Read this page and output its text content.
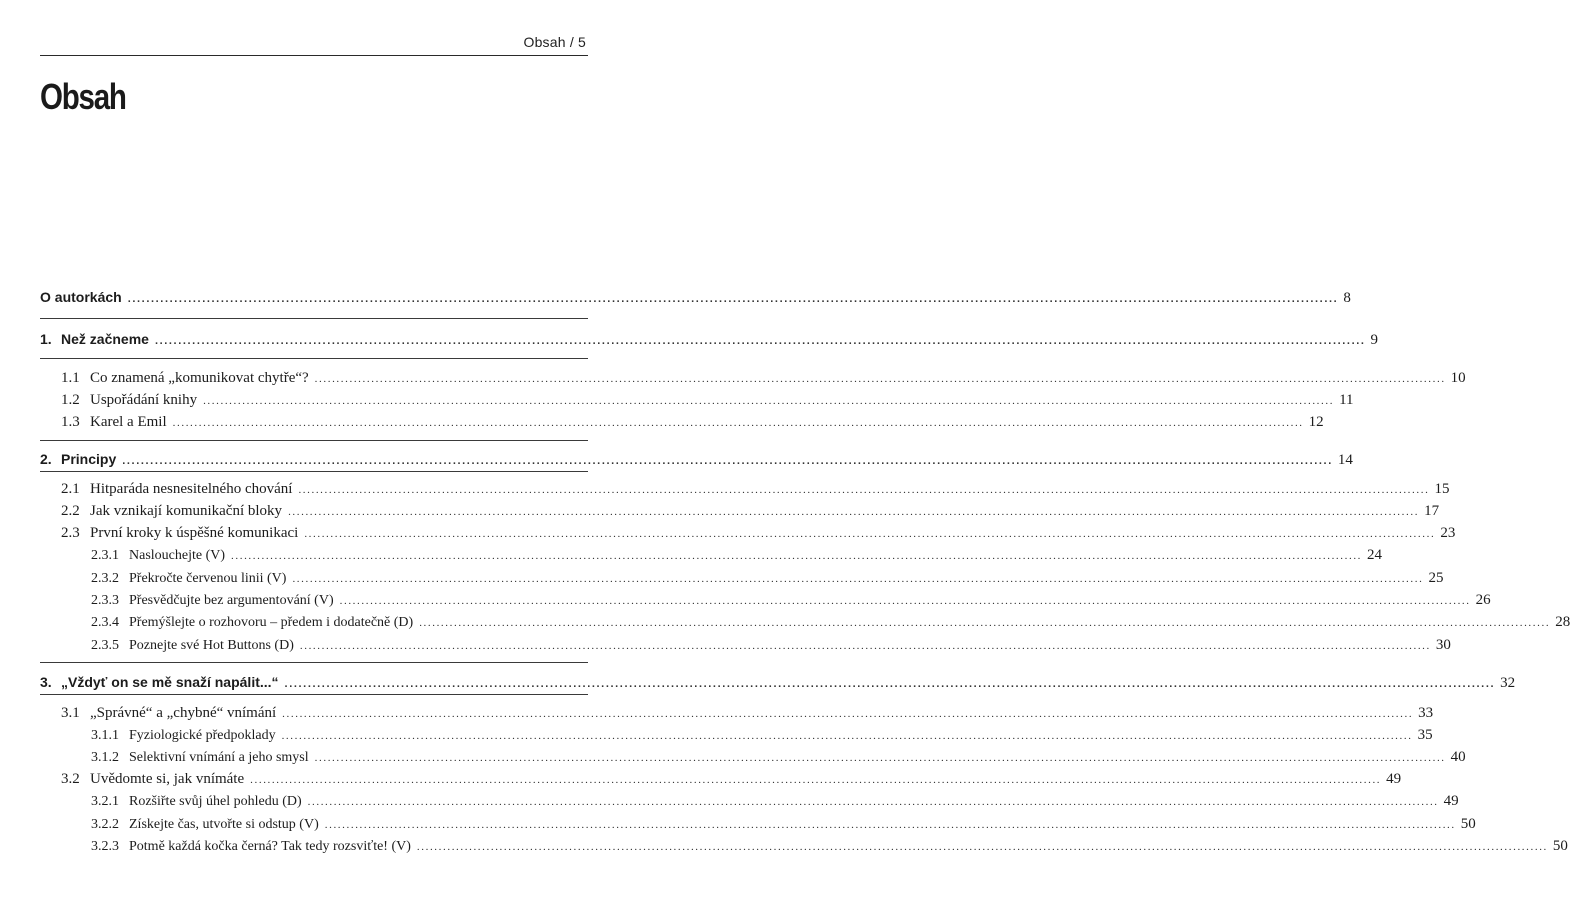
Obsah / 5
Obsah
O autorkách .................................................................................................................................................................................................................................................................... 8
1. Než začneme .................................................................................................................................................................................................................................................................... 9
1.1 Co znamená „komunikovat chytře“? .................................................................................................................................................................................................................................................................... 10
1.2 Uspořádání knihy .................................................................................................................................................................................................................................................................... 11
1.3 Karel a Emil .................................................................................................................................................................................................................................................................... 12
2. Principy .................................................................................................................................................................................................................................................................... 14
2.1 Hitparáda nesnesitelného chování .................................................................................................................................................................................................................................................................... 15
2.2 Jak vznikají komunikační bloky .................................................................................................................................................................................................................................................................... 17
2.3 První kroky k úspěšné komunikaci .................................................................................................................................................................................................................................................................... 23
2.3.1 Naslouchejte (V) .................................................................................................................................................................................................................................................................... 24
2.3.2 Překročte červenou linii (V) .................................................................................................................................................................................................................................................................... 25
2.3.3 Přesvědčujte bez argumentování (V) .................................................................................................................................................................................................................................................................... 26
2.3.4 Přemýšlejte o rozhovoru – předem i dodatečně (D) .................................................................................................................................................................................................................................................................... 28
2.3.5 Poznejte své Hot Buttons (D) .................................................................................................................................................................................................................................................................... 30
3. „Vždyť on se mě snaží napálit...“ .................................................................................................................................................................................................................................................................... 32
3.1 „Správné“ a „chybné“ vnímání .................................................................................................................................................................................................................................................................... 33
3.1.1 Fyziologické předpoklady .................................................................................................................................................................................................................................................................... 35
3.1.2 Selektivní vnímání a jeho smysl .................................................................................................................................................................................................................................................................... 40
3.2 Uvědomte si, jak vnímáte .................................................................................................................................................................................................................................................................... 49
3.2.1 Rozšiřte svůj úhel pohledu (D) .................................................................................................................................................................................................................................................................... 49
3.2.2 Získejte čas, utvořte si odstup (V) .................................................................................................................................................................................................................................................................... 50
3.2.3 Potmě každá kočka černá? Tak tedy rozsviťte! (V) .................................................................................................................................................................................................................................................................... 50
